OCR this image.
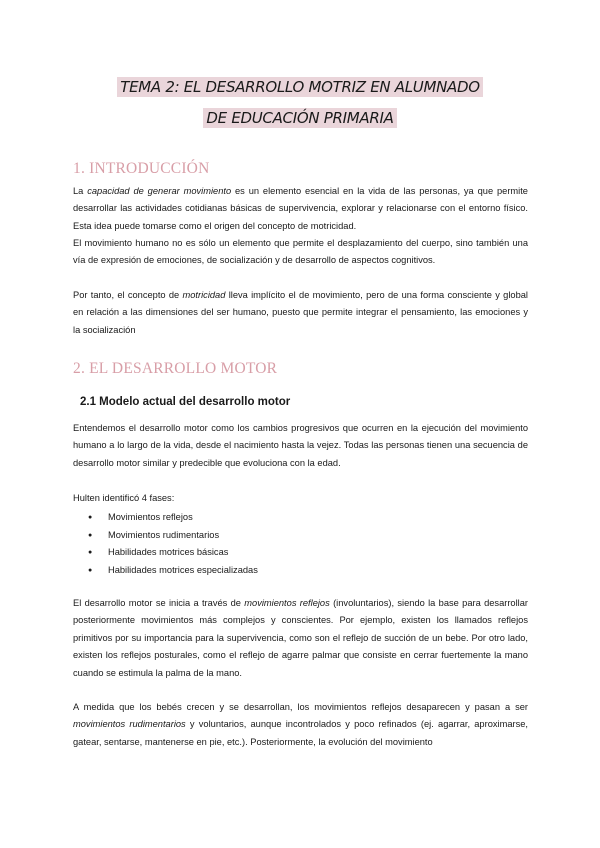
TEMA 2: EL DESARROLLO MOTRIZ EN ALUMNADO
DE EDUCACIÓN PRIMARIA
1. INTRODUCCIÓN
La capacidad de generar movimiento es un elemento esencial en la vida de las personas, ya que permite desarrollar las actividades cotidianas básicas de supervivencia, explorar y relacionarse con el entorno físico. Esta idea puede tomarse como el origen del concepto de motricidad.
El movimiento humano no es sólo un elemento que permite el desplazamiento del cuerpo, sino también una vía de expresión de emociones, de socialización y de desarrollo de aspectos cognitivos.
Por tanto, el concepto de motricidad lleva implícito el de movimiento, pero de una forma consciente y global en relación a las dimensiones del ser humano, puesto que permite integrar el pensamiento, las emociones y la socialización
2. EL DESARROLLO MOTOR
2.1 Modelo actual del desarrollo motor
Entendemos el desarrollo motor como los cambios progresivos que ocurren en la ejecución del movimiento humano a lo largo de la vida, desde el nacimiento hasta la vejez. Todas las personas tienen una secuencia de desarrollo motor similar y predecible que evoluciona con la edad.
Hulten identificó 4 fases:
● Movimientos reflejos
● Movimientos rudimentarios
● Habilidades motrices básicas
● Habilidades motrices especializadas
El desarrollo motor se inicia a través de movimientos reflejos (involuntarios), siendo la base para desarrollar posteriormente movimientos más complejos y conscientes. Por ejemplo, existen los llamados reflejos primitivos por su importancia para la supervivencia, como son el reflejo de succión de un bebe. Por otro lado, existen los reflejos posturales, como el reflejo de agarre palmar que consiste en cerrar fuertemente la mano cuando se estimula la palma de la mano.
A medida que los bebés crecen y se desarrollan, los movimientos reflejos desaparecen y pasan a ser movimientos rudimentarios y voluntarios, aunque incontrolados y poco refinados (ej. agarrar, aproximarse, gatear, sentarse, mantenerse en pie, etc.). Posteriormente, la evolución del movimiento
